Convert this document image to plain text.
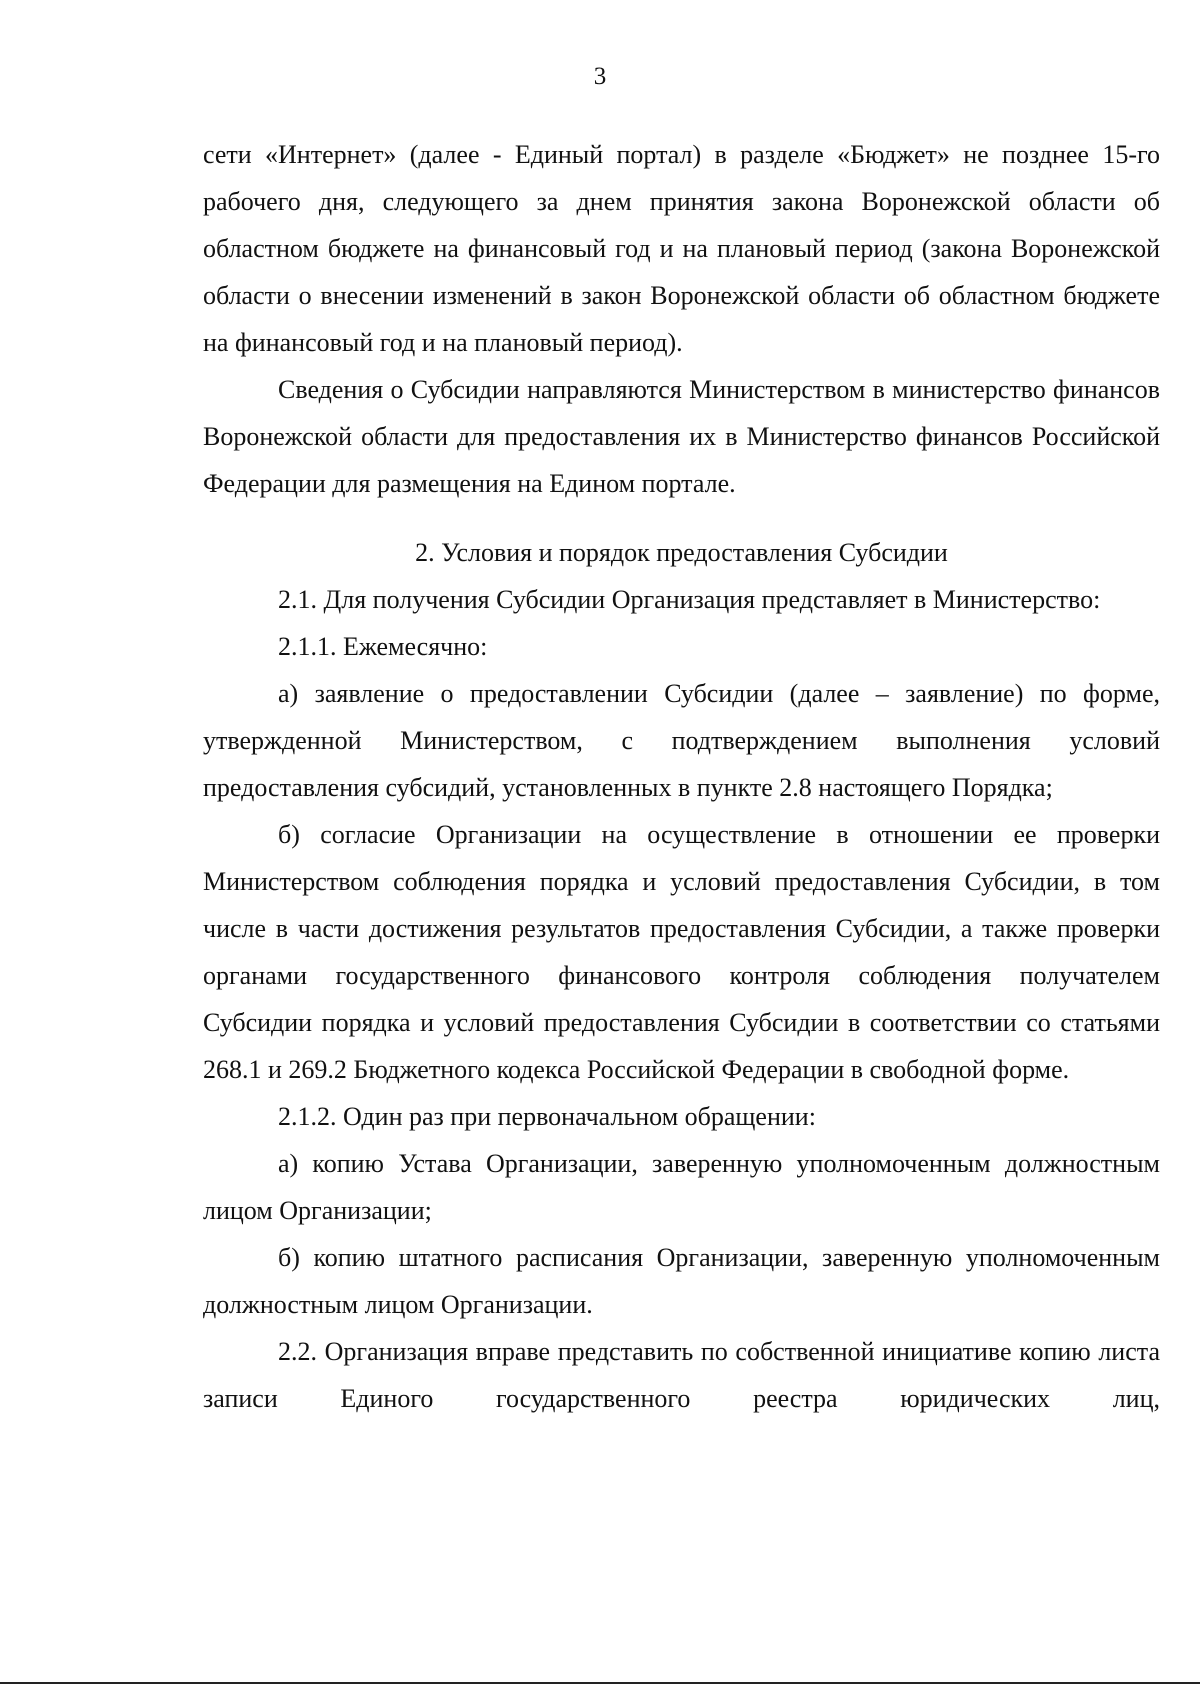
3

сети «Интернет» (далее - Единый портал) в разделе «Бюджет» не позднее 15-го рабочего дня, следующего за днем принятия закона Воронежской области об областном бюджете на финансовый год и на плановый период (закона Воронежской области о внесении изменений в закон Воронежской области об областном бюджете на финансовый год и на плановый период).

Сведения о Субсидии направляются Министерством в министерство финансов Воронежской области для предоставления их в Министерство финансов Российской Федерации для размещения на Едином портале.

2. Условия и порядок предоставления Субсидии

2.1. Для получения Субсидии Организация представляет в Министерство:

2.1.1. Ежемесячно:

а) заявление о предоставлении Субсидии (далее – заявление) по форме, утвержденной Министерством, с подтверждением выполнения условий предоставления субсидий, установленных в пункте 2.8 настоящего Порядка;

б) согласие Организации на осуществление в отношении ее проверки Министерством соблюдения порядка и условий предоставления Субсидии, в том числе в части достижения результатов предоставления Субсидии, а также проверки органами государственного финансового контроля соблюдения получателем Субсидии порядка и условий предоставления Субсидии в соответствии со статьями 268.1 и 269.2 Бюджетного кодекса Российской Федерации в свободной форме.

2.1.2. Один раз при первоначальном обращении:

а) копию Устава Организации, заверенную уполномоченным должностным лицом Организации;

б) копию штатного расписания Организации, заверенную уполномоченным должностным лицом Организации.

2.2. Организация вправе представить по собственной инициативе копию листа записи Единого государственного реестра юридических лиц,
